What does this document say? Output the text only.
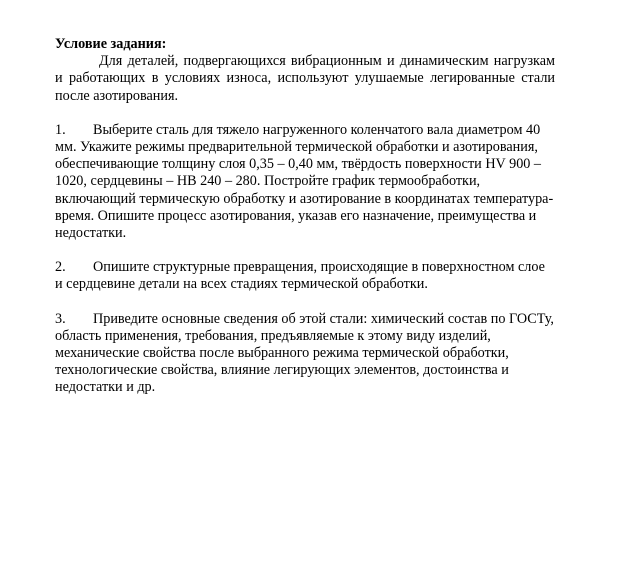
Условие задания:

Для деталей, подвергающихся вибрационным и динамическим нагрузкам и работающих в условиях износа, используют улушаемые легированные стали после азотирования.

1. Выберите сталь для тяжело нагруженного коленчатого вала диаметром 40 мм. Укажите режимы предварительной термической обработки и азотирования, обеспечивающие толщину слоя 0,35 – 0,40 мм, твёрдость поверхности HV 900 – 1020, сердцевины – НВ 240 – 280. Постройте график термообработки, включающий термическую обработку и азотирование в координатах температура-время. Опишите процесс азотирования, указав его назначение, преимущества и недостатки.

2. Опишите структурные превращения, происходящие в поверхностном слое и сердцевине детали на всех стадиях термической обработки.

3. Приведите основные сведения об этой стали: химический состав по ГОСТу, область применения, требования, предъявляемые к этому виду изделий, механические свойства после выбранного режима термической обработки, технологические свойства, влияние легирующих элементов, достоинства и недостатки и др.
